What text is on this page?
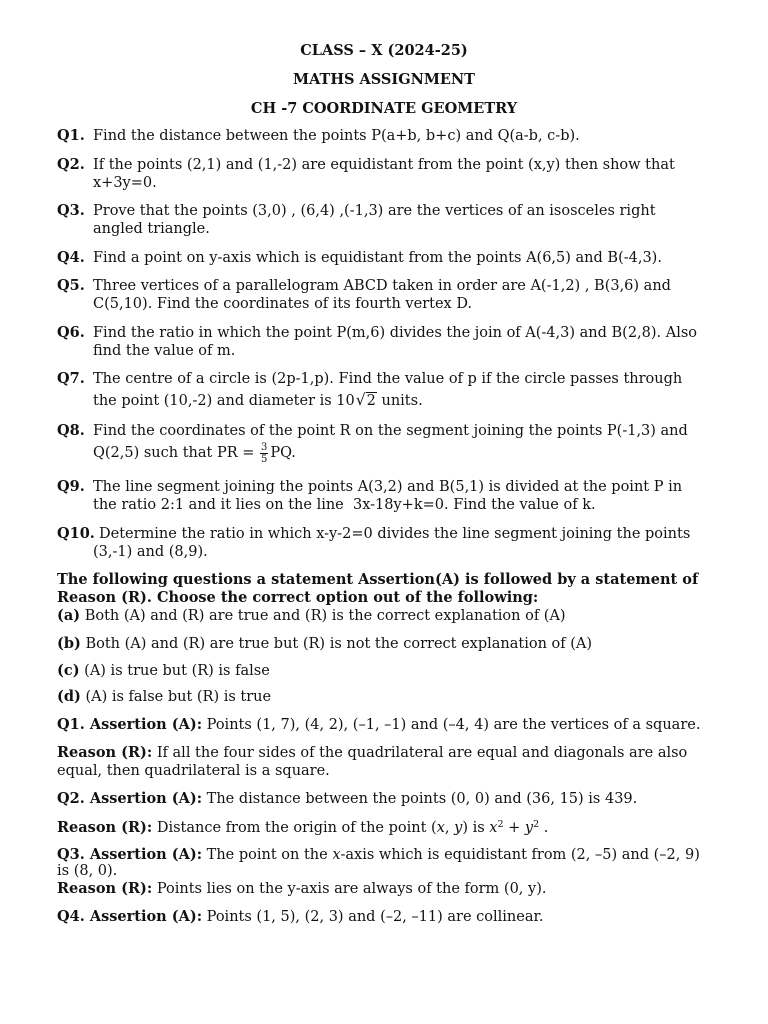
CLASS – X (2024-25)
MATHS ASSIGNMENT
CH -7 COORDINATE GEOMETRY
Q1. Find the distance between the points P(a+b, b+c) and Q(a-b, c-b).
Q2. If the points (2,1) and (1,-2) are equidistant from the point (x,y) then show that
x+3y=0.
Q3. Prove that the points (3,0) , (6,4) ,(-1,3) are the vertices of an isosceles right
angled triangle.
Q4. Find a point on y-axis which is equidistant from the points A(6,5) and B(-4,3).
Q5. Three vertices of a parallelogram ABCD taken in order are A(-1,2) , B(3,6) and
C(5,10). Find the coordinates of its fourth vertex D.
Q6. Find the ratio in which the point P(m,6) divides the join of A(-4,3) and B(2,8). Also
find the value of m.
Q7. The centre of a circle is (2p-1,p). Find the value of p if the circle passes through
the point (10,-2) and diameter is 10√2 units.
Q8. Find the coordinates of the point R on the segment joining the points P(-1,3) and
Q(2,5) such that PR = $\frac{3}{5}$ PQ.
Q9. The line segment joining the points A(3,2) and B(5,1) is divided at the point P in
the ratio 2:1 and it lies on the line  3x-18y+k=0. Find the value of k.
Q10. Determine the ratio in which x-y-2=0 divides the line segment joining the points
(3,-1) and (8,9).
The following questions a statement Assertion(A) is followed by a statement of
Reason (R). Choose the correct option out of the following:
(a) Both (A) and (R) are true and (R) is the correct explanation of (A)
(b) Both (A) and (R) are true but (R) is not the correct explanation of (A)
(c) (A) is true but (R) is false
(d) (A) is false but (R) is true
Q1. Assertion (A): Points (1, 7), (4, 2), (–1, –1) and (–4, 4) are the vertices of a square.
Reason (R): If all the four sides of the quadrilateral are equal and diagonals are also
equal, then quadrilateral is a square.
Q2. Assertion (A): The distance between the points (0, 0) and (36, 15) is 439.
Reason (R): Distance from the origin of the point (x, y) is $x^2 + y^2$ .
Q3. Assertion (A): The point on the x-axis which is equidistant from (2, –5) and (–2, 9)
is (8, 0).
Reason (R): Points lies on the y-axis are always of the form (0, y).
Q4. Assertion (A): Points (1, 5), (2, 3) and (–2, –11) are collinear.
